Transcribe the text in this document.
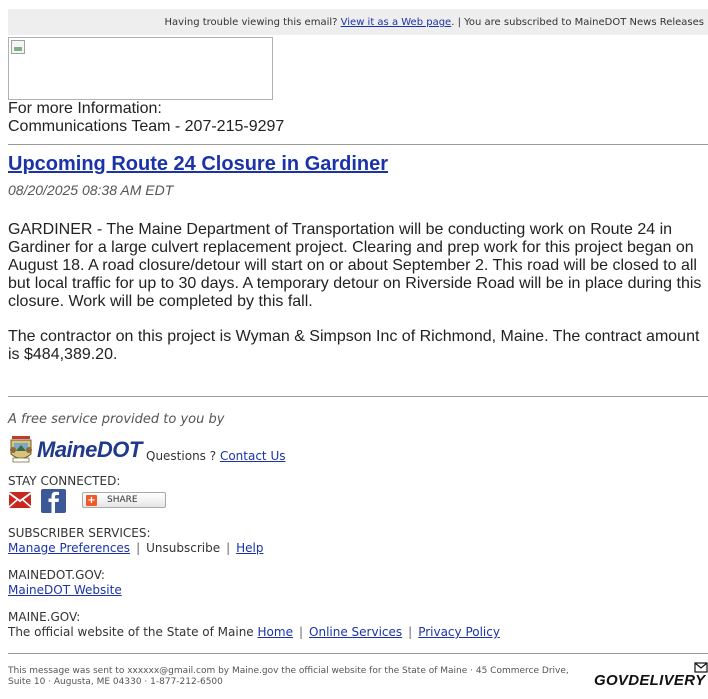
Having trouble viewing this email? View it as a Web page. | You are subscribed to MaineDOT News Releases
For more Information:
Communications Team - 207-215-9297
Upcoming Route 24 Closure in Gardiner
08/20/2025 08:38 AM EDT
GARDINER - The Maine Department of Transportation will be conducting work on Route 24 in Gardiner for a large culvert replacement project. Clearing and prep work for this project began on August 18. A road closure/detour will start on or about September 2. This road will be closed to all but local traffic for up to 30 days. A temporary detour on Riverside Road will be in place during this closure. Work will be completed by this fall.
The contractor on this project is Wyman & Simpson Inc of Richmond, Maine. The contract amount is $484,389.20.
A free service provided to you by
MaineDOT Questions ? Contact Us
STAY CONNECTED:
+ SHARE
SUBSCRIBER SERVICES:
Manage Preferences | Unsubscribe | Help
MAINEDOT.GOV:
MaineDOT Website
MAINE.GOV:
The official website of the State of Maine Home | Online Services | Privacy Policy
This message was sent to xxxxxx@gmail.com by Maine.gov the official website for the State of Maine · 45 Commerce Drive, Suite 10 · Augusta, ME 04330 · 1-877-212-6500	GOVDELIVERY
